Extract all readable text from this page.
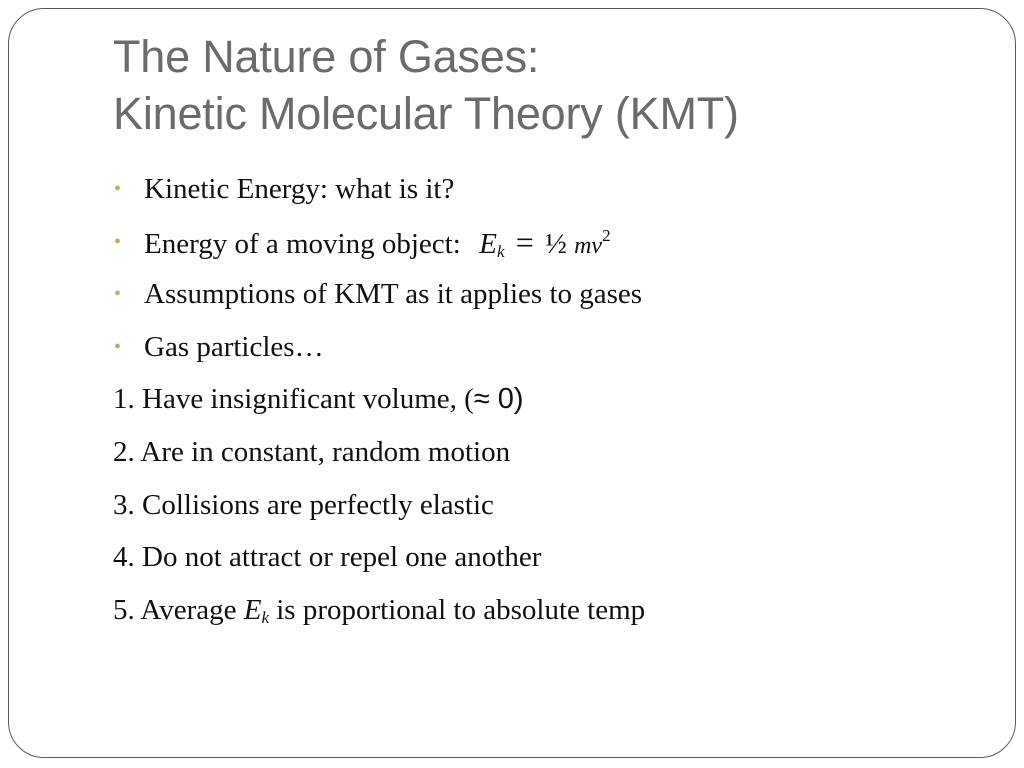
The Nature of Gases:
Kinetic Molecular Theory (KMT)
• Kinetic Energy: what is it?
• Energy of a moving object: $E_k$ = ½ $mv^2$
• Assumptions of KMT as it applies to gases
• Gas particles…
1. Have insignificant volume, (≈ 0)
2. Are in constant, random motion
3. Collisions are perfectly elastic
4. Do not attract or repel one another
5. Average $E_k$ is proportional to absolute temp
